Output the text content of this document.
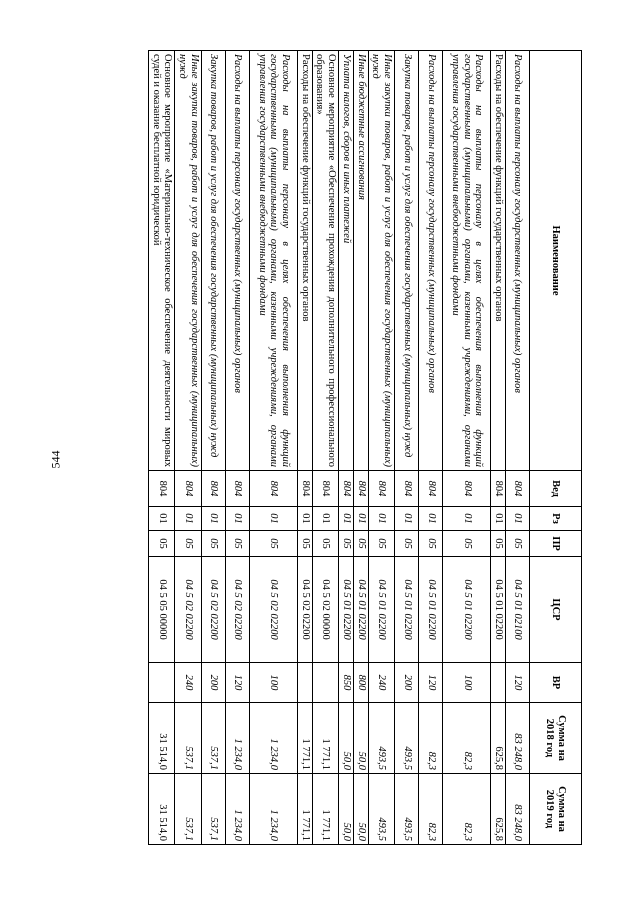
544
Наименование	Вед	Рз	ПР	ЦСР	ВР	Сумма на 2018 год	Сумма на 2019 год
Расходы на выплаты персоналу государственных (муниципальных) органов	804	01	05	04 5 01 02100	120	83 248,0	83 248,0
Расходы на обеспечение функций государственных органов	804	01	05	04 5 01 02200		625,8	625,8
Расходы на выплаты персоналу в целях обеспечения выполнения функций государственными (муниципальными) органами, казенными учреждениями, органами управления государственными внебюджетными фондами	804	01	05	04 5 01 02200	100	82,3	82,3
Расходы на выплаты персоналу государственных (муниципальных) органов	804	01	05	04 5 01 02200	120	82,3	82,3
Закупка товаров, работ и услуг для обеспечения государственных (муниципальных) нужд	804	01	05	04 5 01 02200	200	493,5	493,5
Иные закупки товаров, работ и услуг для обеспечения государственных (муниципальных) нужд	804	01	05	04 5 01 02200	240	493,5	493,5
Иные бюджетные ассигнования	804	01	05	04 5 01 02200	800	50,0	50,0
Уплата налогов, сборов и иных платежей	804	01	05	04 5 01 02200	850	50,0	50,0
Основное мероприятие «Обеспечение прохождения дополнительного профессионального образования»	804	01	05	04 5 02 00000		1 771,1	1 771,1
Расходы на обеспечение функций государственных органов	804	01	05	04 5 02 02200		1 771,1	1 771,1
Расходы на выплаты персоналу в целях обеспечения выполнения функций государственными (муниципальными) органами, казенными учреждениями, органами управления государственными внебюджетными фондами	804	01	05	04 5 02 02200	100	1 234,0	1 234,0
Расходы на выплаты персоналу государственных (муниципальных) органов	804	01	05	04 5 02 02200	120	1 234,0	1 234,0
Закупка товаров, работ и услуг для обеспечения государственных (муниципальных) нужд	804	01	05	04 5 02 02200	200	537,1	537,1
Иные закупки товаров, работ и услуг для обеспечения государственных (муниципальных) нужд	804	01	05	04 5 02 02200	240	537,1	537,1
Основное мероприятие «Материально-техническое обеспечение деятельности мировых судей и оказание бесплатной юридической	804	01	05	04 5 05 00000		31 514,0	31 514,0
